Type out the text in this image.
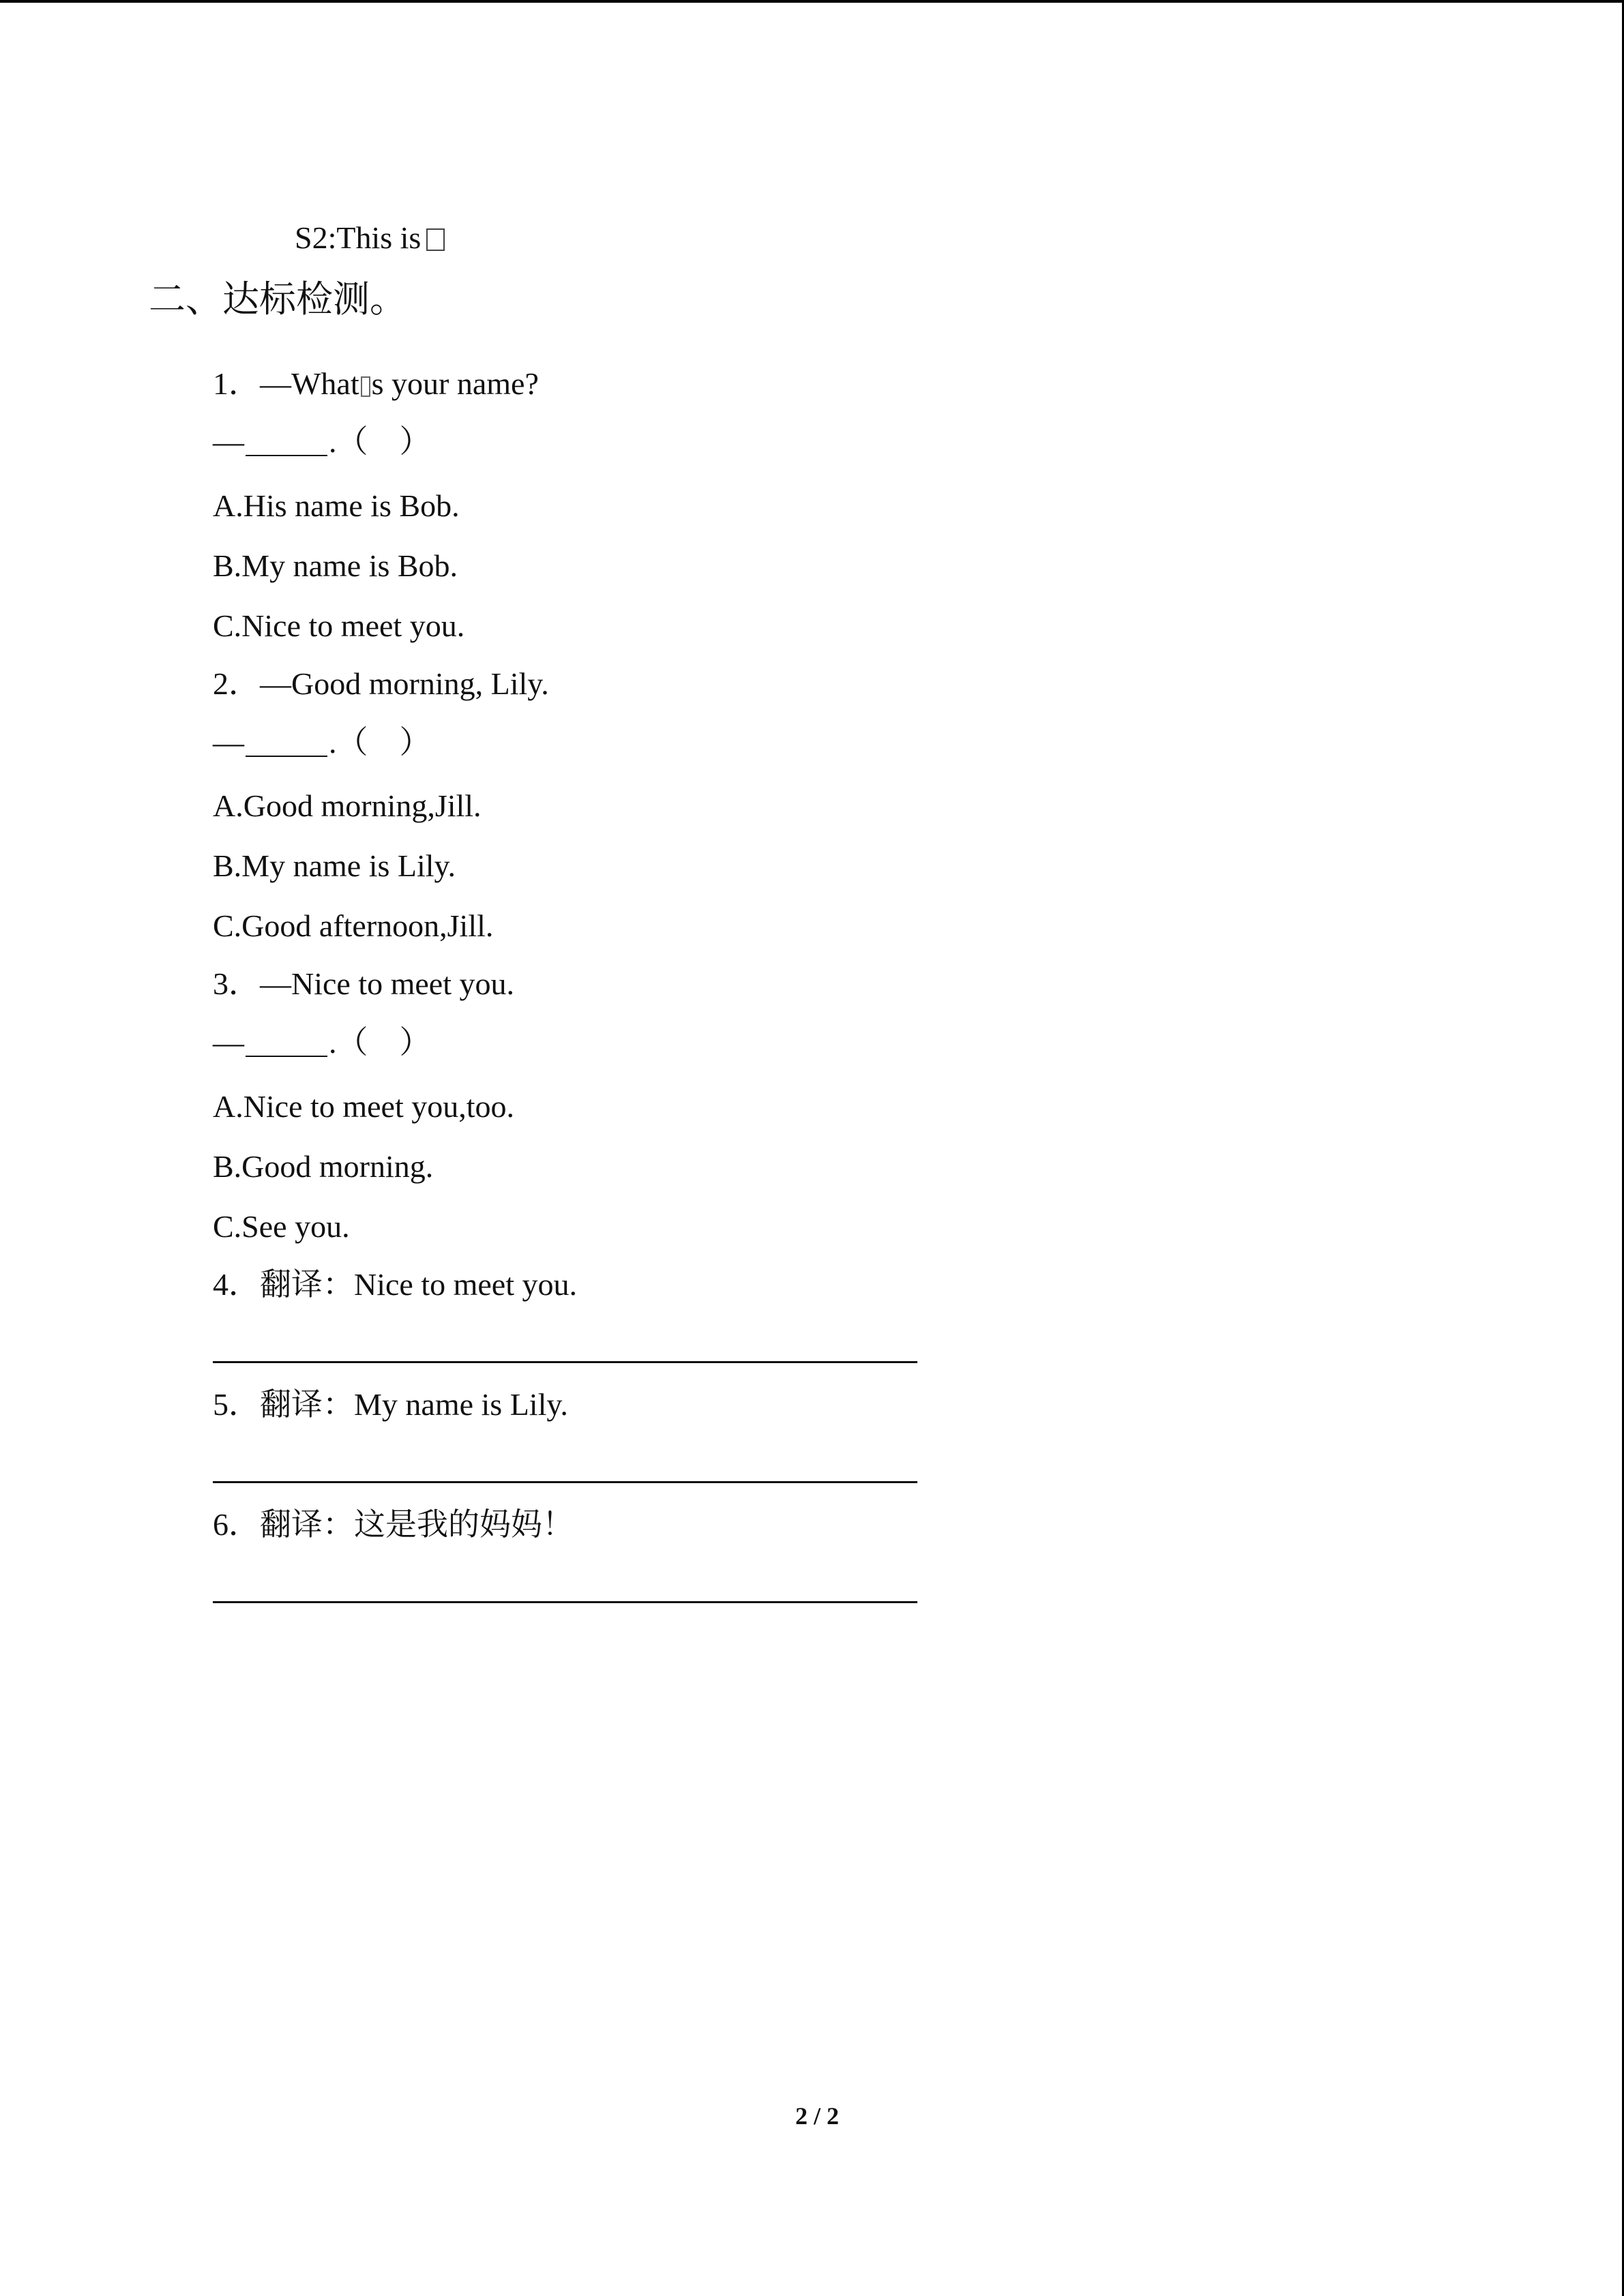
S2:This is
二、达标检测。
1．—What s your name?
—	.（　）
A.His name is Bob.
B.My name is Bob.
C.Nice to meet you.
2．—Good morning, Lily.
—	.（　）
A.Good morning,Jill.
B.My name is Lily.
C.Good afternoon,Jill.
3．—Nice to meet you.
—	.（　）
A.Nice to meet you,too.
B.Good morning.
C.See you.
4．翻译：Nice to meet you.
5．翻译：My name is Lily.
6．翻译：这是我的妈妈！
2 / 2
